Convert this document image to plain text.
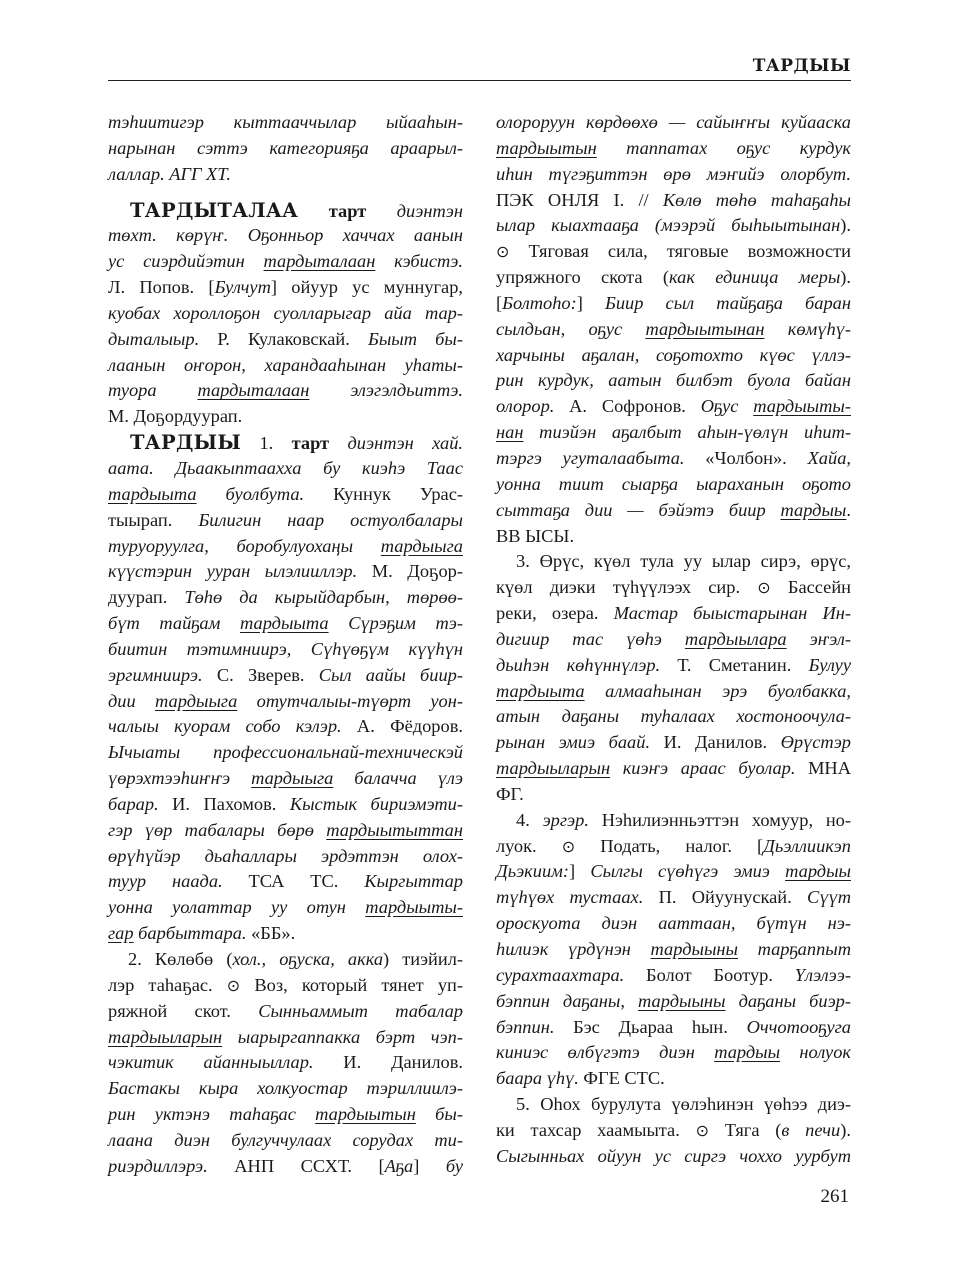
ТАРДЫЫ
тэһиитигэр кыттааччылар ыйааһын-
нарынан сэттэ категорияҕа араарыл-
лаллар. АГГ ХТ.
ТАРДЫТАЛАА тарт диэнтэн
төхт. көрүҥ. Оҕонньор хаччах аанын
ус сиэрдийэтин тардыталаан кэбистэ.
Л. Попов. [Булчут] ойуур ус муннугар,
куобах хороллоҕон суолларыгар айа тар-
дыталыыр. Р. Кулаковскай. Быыт бы-
лаанын оҥорон, харандааһынан уһаты-
туора тардыталаан элэгэлдьиттэ.
М. Доҕордуурап.
ТАРДЫЫ 1. тарт диэнтэн хай.
аата. Дьаакыптааххa бу киэһэ Таас
тардыыта буолбута. Куннук Ураc-
тыырап. Билигин наар остуолбалары
туруоруулга, боробулуохаңы тардыыга
күүстэрин ууран ылэлииллэр. М. Доҕор-
дуурап. Төһө да кырыйдарбын, төрөө-
бүт тайҕам тардыыта Сүрэҕим тэ-
биитин тэтимниирэ, Сүһүөҕүм күүһүн
эргимниирэ. С. Зверев. Сыл аайы биир-
дии тардыыга отутчалыы-түөрт уон-
чалыы куорам собо кэлэр. А. Фёдоров.
Ычыаты профессиональнай-техническэй
үөрэхтээһиҥҥэ тардыыга балачча үлэ
барар. И. Пахомов. Кыстык бириэмэти-
гэр үөр табалары бөрө тардыытыттан
өрүһүйэр дьаһаллары эрдэттэн олох-
туур наада. ТСА ТС. Кыргыттар
уонна уолаттар уу отун тардыыты-
гар барбыттара. «ББ».
2. Көлөбө (хол., оҕуска, акка) тиэйил-
лэр таһаҕас. ⊙ Воз, который тянет уп-
ряжной скот. Сынньаммыт табалар
тардыыларын ыарыргаппакка бэрт чэп-
чэкитик айанныыллар. И. Данилов.
Бастакы кыра холкуостар тэриллиилэ-
рин уктэнэ таһаҕас тардыытын бы-
лаана диэн булгуччулаах сорудах ти-
риэрдиллэрэ. АНП ССХТ. [Аҕа] бу
олороруун көрдөөхө — сайыҥҥы куйааска
тардыытын таппатах оҕус курдук
иһин түгэҕиттэн өрө мэҥийэ олорбут.
ПЭК ОНЛЯ I. // Көлө төһө таһаҕаһы
ылар кыахтааҕа (мээрэй быһыытынан).
⊙ Тяговая сила, тяговые возможности
упряжного скота (как единица меры).
[Болтоһо:] Биир сыл тайҕаҕа баран
сылдьан, оҕус тардыытынан көмүһү-
харчыны аҕалан, соҕотохто күөс үллэ-
рин курдук, аатын билбэт буола байан
олорор. А. Софронов. Оҕус тардыыты-
нан тиэйэн аҕалбыт аһын-үөлүн иһит-
тэргэ угуталаабыта. «Чолбон». Хайа,
уонна тиит сыарҕа ыараханын оҕото
сыттаҕа дии — бэйэтэ биир тардыы.
ВВ ЫСЫ.
3. Өрүс, күөл тула уу ылар сирэ, өрүс,
күөл диэки түһүүлээх сир. ⊙ Бассейн
реки, озера. Мастар быыстарынан Ин-
дигиир тас үөһэ тардыылара эҥэл-
дьиһэн көһүннүлэр. Т. Сметанин. Булуу
тардыыта алмааһынан эрэ буолбакка,
атын даҕаны туһалаах хостоноочула-
рынан эмиэ баай. И. Данилов. Өрүстэр
тардыыларын киэҥэ араас буолар. МНА
ФГ.
4. эргэр. Нэһилиэнньэттэн хомуур, но-
луок. ⊙ Подать, налог. [Дьэллиикэп
Дьэкиим:] Сылгы сүөһүгэ эмиэ тардыы
түһүөх тустаах. П. Ойуунускай. Сүүт
ороскуота диэн ааттаан, бүтүн нэ-
һилиэк үрдүнэн тардыыны тарҕаппыт
сурахтаахтара. Болот Боотур. Үлэлээ-
бэппин даҕаны, тардыыны даҕаны биэр-
бэппин. Бэс Дьараа һын. Оччотооҕуга
киниэс өлбүгэтэ диэн тардыы нолуок
баара үһү. ФГЕ СТС.
5. Оһох бурулута үөлэһинэн үөһээ диэ-
ки тахсар хаамыыта. ⊙ Тяга (в печи).
Сыгынньах ойуун ус сиргэ чоххо уурбут
261
